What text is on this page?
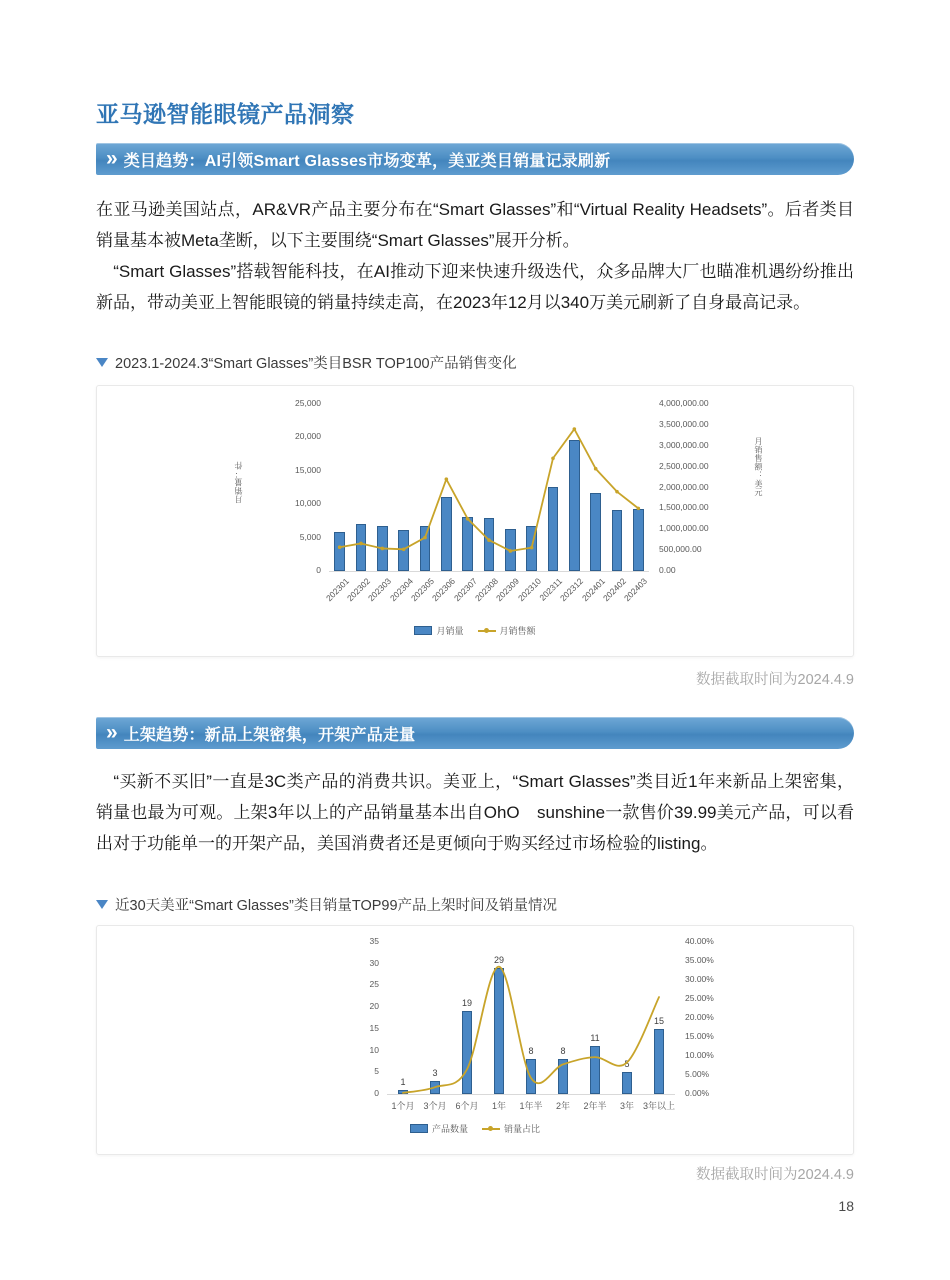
亚马逊智能眼镜产品洞察
» 类目趋势：AI引领Smart Glasses市场变革，美亚类目销量记录刷新
在亚马逊美国站点，AR&VR产品主要分布在“Smart Glasses”和“Virtual Reality Headsets”。后者类目销量基本被Meta垄断，以下主要围绕“Smart Glasses”展开分析。
　“Smart Glasses”搭载智能科技，在AI推动下迎来快速升级迭代，众多品牌大厂也瞄准机遇纷纷推出新品，带动美亚上智能眼镜的销量持续走高，在2023年12月以340万美元刷新了自身最高记录。
2023.1-2024.3“Smart Glasses”类目BSR TOP100产品销售变化
0
5,000
10,000
15,000
20,000
25,000
0.00
500,000.00
1,000,000.00
1,500,000.00
2,000,000.00
2,500,000.00
3,000,000.00
3,500,000.00
4,000,000.00
月销量：件	月销售额：美元
202301
202302
202303
202304
202305
202306
202307
202308
202309
202310
202311
202312
202401
202402
202403
月销量	月销售额
数据截取时间为2024.4.9
» 上架趋势：新品上架密集，开架产品走量
　“买新不买旧”一直是3C类产品的消费共识。美亚上，“Smart Glasses”类目近1年来新品上架密集，销量也最为可观。上架3年以上的产品销量基本出自OhO　sunshine一款售价39.99美元产品，可以看出对于功能单一的开架产品，美国消费者还是更倾向于购买经过市场检验的listing。
近30天美亚“Smart Glasses”类目销量TOP99产品上架时间及销量情况
0
5
10
15
20
25
30
35
0.00%
5.00%
10.00%
15.00%
20.00%
25.00%
30.00%
35.00%
40.00%
1
3
19
29
8	8
11
5
15
1个月 3个月 6个月	1年	1年半	2年	2年半	3年 3年以上
产品数量	销量占比
数据截取时间为2024.4.9
18
